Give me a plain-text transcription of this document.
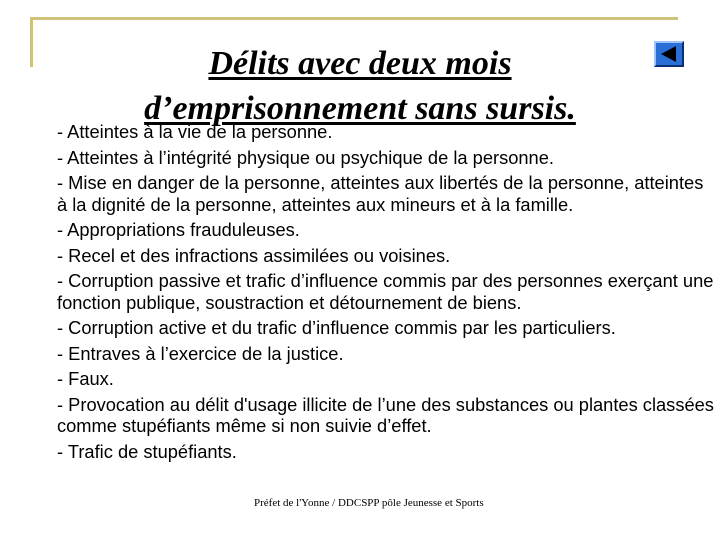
Délits avec deux mois
d’emprisonnement sans sursis.
- Atteintes à la vie de la personne.
- Atteintes à l’intégrité physique ou psychique de la personne.
- Mise en danger de la personne, atteintes aux libertés de la personne, atteintes à la dignité de la personne, atteintes aux mineurs et à la famille.
- Appropriations frauduleuses.
- Recel et des infractions assimilées ou voisines.
- Corruption passive et trafic d’influence commis par des personnes exerçant une fonction publique, soustraction et détournement de biens.
- Corruption active et du trafic d’influence commis par les particuliers.
- Entraves à l’exercice de la justice.
- Faux.
- Provocation au délit d'usage illicite de l’une des substances ou plantes classées comme stupéfiants même si non suivie d’effet.
- Trafic de stupéfiants.
Préfet de l'Yonne / DDCSPP pôle Jeunesse et Sports
